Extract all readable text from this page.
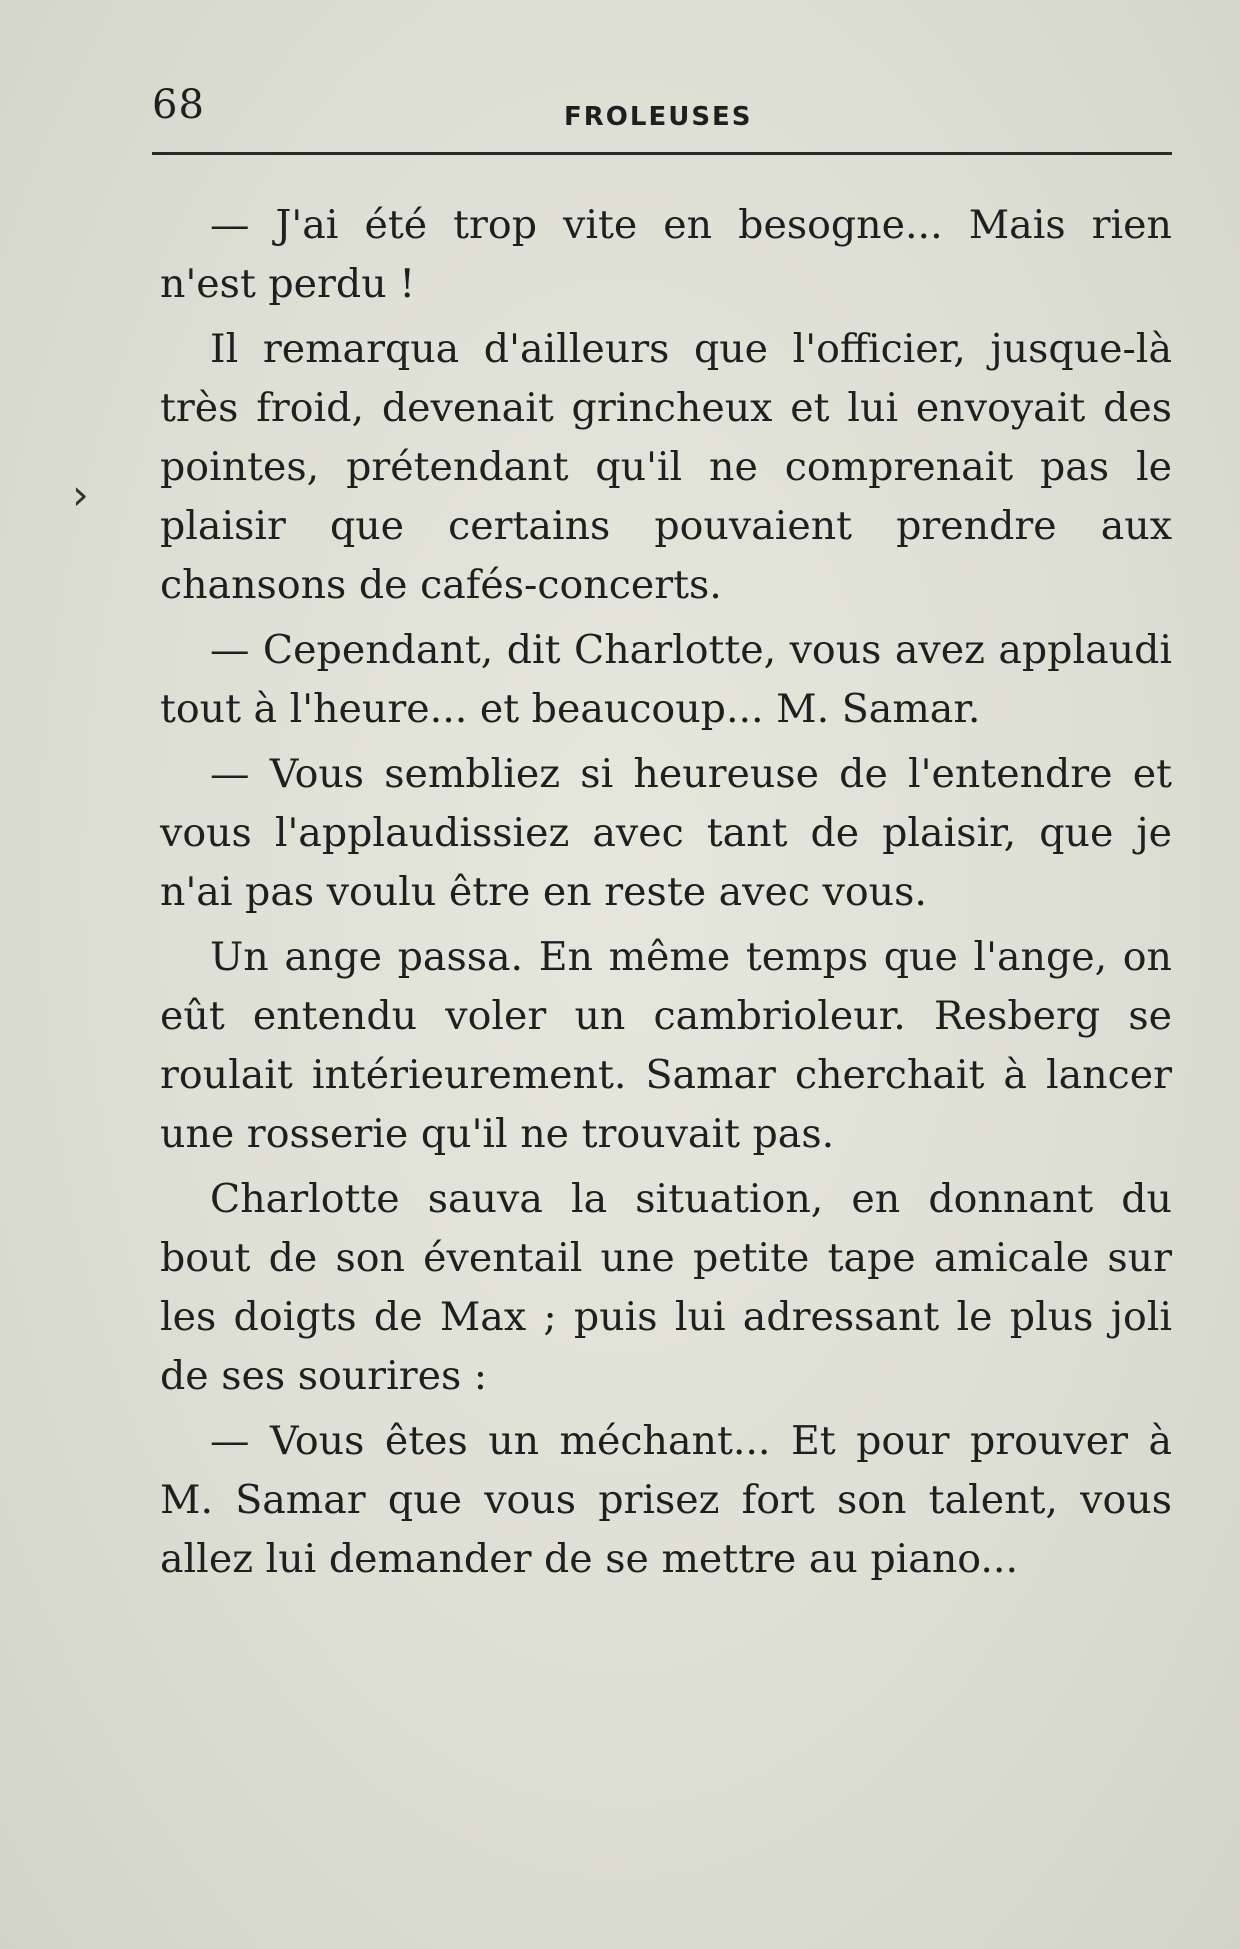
68	FROLEUSES
›

— J'ai été trop vite en besogne... Mais rien n'est perdu !

Il remarqua d'ailleurs que l'officier, jusque-là très froid, devenait grincheux et lui envoyait des pointes, prétendant qu'il ne comprenait pas le plaisir que certains pouvaient prendre aux chansons de cafés-concerts.

— Cependant, dit Charlotte, vous avez applaudi tout à l'heure... et beaucoup... M. Samar.

— Vous sembliez si heureuse de l'entendre et vous l'applaudissiez avec tant de plaisir, que je n'ai pas voulu être en reste avec vous.

Un ange passa. En même temps que l'ange, on eût entendu voler un cambrioleur. Resberg se roulait intérieurement. Samar cherchait à lancer une rosserie qu'il ne trouvait pas.

Charlotte sauva la situation, en donnant du bout de son éventail une petite tape amicale sur les doigts de Max ; puis lui adressant le plus joli de ses sourires :

— Vous êtes un méchant... Et pour prouver à M. Samar que vous prisez fort son talent, vous allez lui demander de se mettre au piano...
